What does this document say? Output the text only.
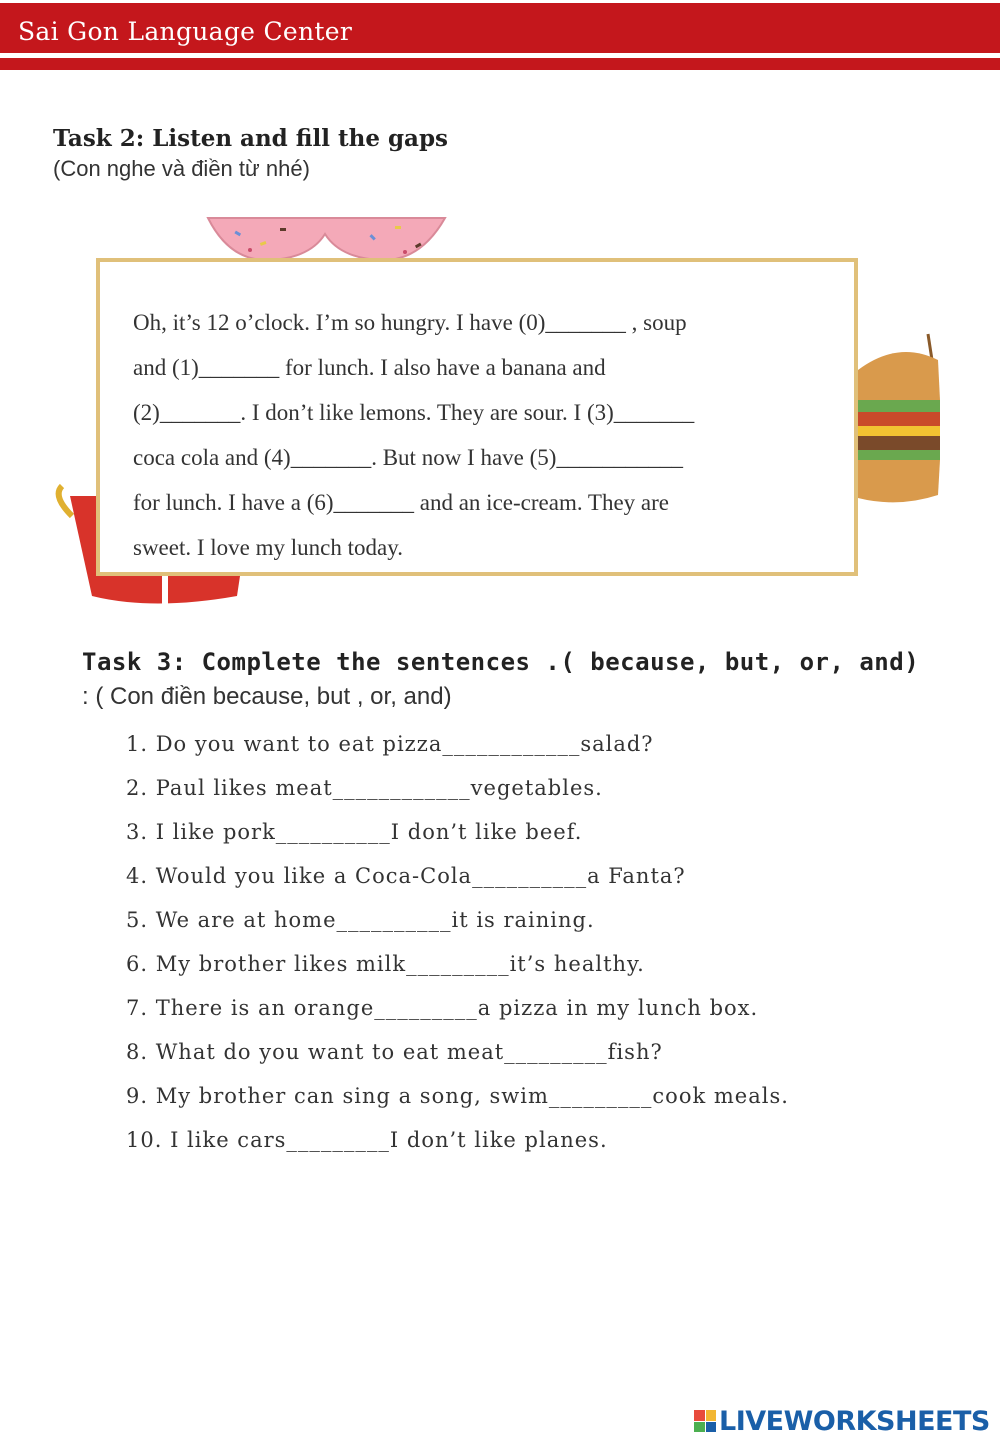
Sai Gon Language Center
Task 2: Listen and fill the gaps
(Con nghe và điền từ nhé)
Oh, it’s 12 o’clock. I’m so hungry. I have (0)_______ , soup
and (1)_______ for lunch. I also have a banana and
(2)_______. I don’t like lemons. They are sour. I (3)_______
coca cola and (4)_______. But now I have (5)___________
for lunch. I have a (6)_______ and an ice-cream. They are
sweet. I love my lunch today.
Task 3: Complete the sentences .( because, but, or, and)
: ( Con điền because, but , or, and)
1. Do you want to eat pizza____________salad?
2. Paul likes meat____________vegetables.
3. I like pork__________I don’t like beef.
4. Would you like a Coca-Cola__________a Fanta?
5. We are at home__________it is raining.
6. My brother likes milk_________it’s healthy.
7. There is an orange_________a pizza in my lunch box.
8. What do you want to eat meat_________fish?
9. My brother can sing a song, swim_________cook meals.
10. I like cars_________I don’t like planes.
LIVEWORKSHEETS
